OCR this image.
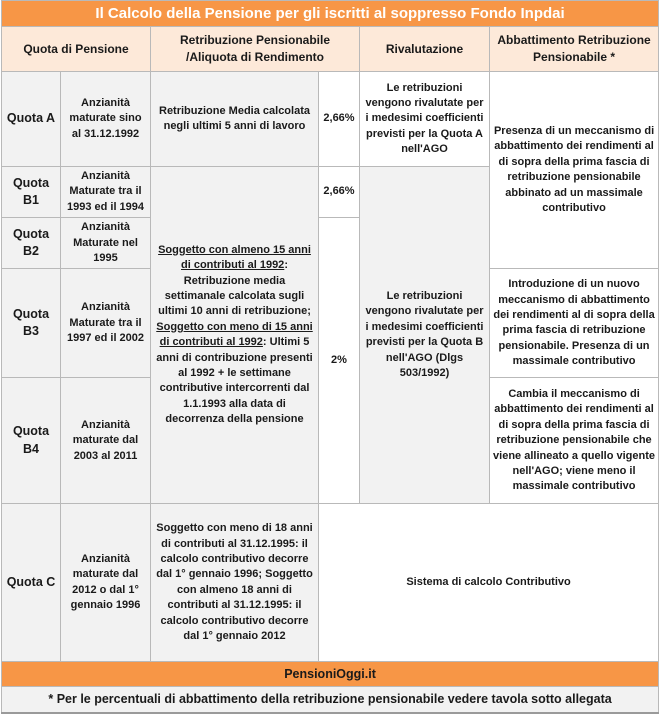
Il Calcolo della Pensione per gli iscritti al soppresso Fondo Inpdai					
Quota di Pensione		Retribuzione Pensionabile /Aliquota di Rendimento		Rivalutazione	Abbattimento Retribuzione Pensionabile *
Quota A	Anzianità maturate sino al 31.12.1992	Retribuzione Media calcolata negli ultimi 5 anni di lavoro	2,66%	Le retribuzioni vengono rivalutate per i medesimi coefficienti previsti per la Quota A nell'AGO	Presenza di un meccanismo di abbattimento dei rendimenti al di sopra della prima fascia di retribuzione pensionabile abbinato ad un massimale contributivo
Quota B1	Anzianità Maturate tra il 1993 ed il 1994	Soggetto con almeno 15 anni di contributi al 1992: Retribuzione media settimanale calcolata sugli ultimi 10 anni di retribuzione; Soggetto con meno di 15 anni di contributi al 1992: Ultimi 5 anni di contribuzione presenti al 1992 + le settimane contributive intercorrenti dal 1.1.1993 alla data di decorrenza della pensione	2,66%	Le retribuzioni vengono rivalutate per i medesimi coefficienti previsti per la Quota B nell'AGO (Dlgs 503/1992)	
Quota B2	Anzianità Maturate nel 1995		2%		
Quota B3	Anzianità Maturate tra il 1997 ed il 2002				Introduzione di un nuovo meccanismo di abbattimento dei rendimenti al di sopra della prima fascia di retribuzione pensionabile. Presenza di un massimale contributivo
Quota B4	Anzianità maturate dal 2003 al 2011				Cambia il meccanismo di abbattimento dei rendimenti al di sopra della prima fascia di retribuzione pensionabile che viene allineato a quello vigente nell'AGO; viene meno il massimale contributivo
Quota C	Anzianità maturate dal 2012 o dal 1° gennaio 1996	Soggetto con meno di 18 anni di contributi al 31.12.1995: il calcolo contributivo decorre dal 1° gennaio 1996; Soggetto con almeno 18 anni di contributi al 31.12.1995: il calcolo contributivo decorre dal 1° gennaio 2012	Sistema di calcolo Contributivo		
PensioniOggi.it					
* Per le percentuali di abbattimento della retribuzione pensionabile vedere tavola sotto allegata					
